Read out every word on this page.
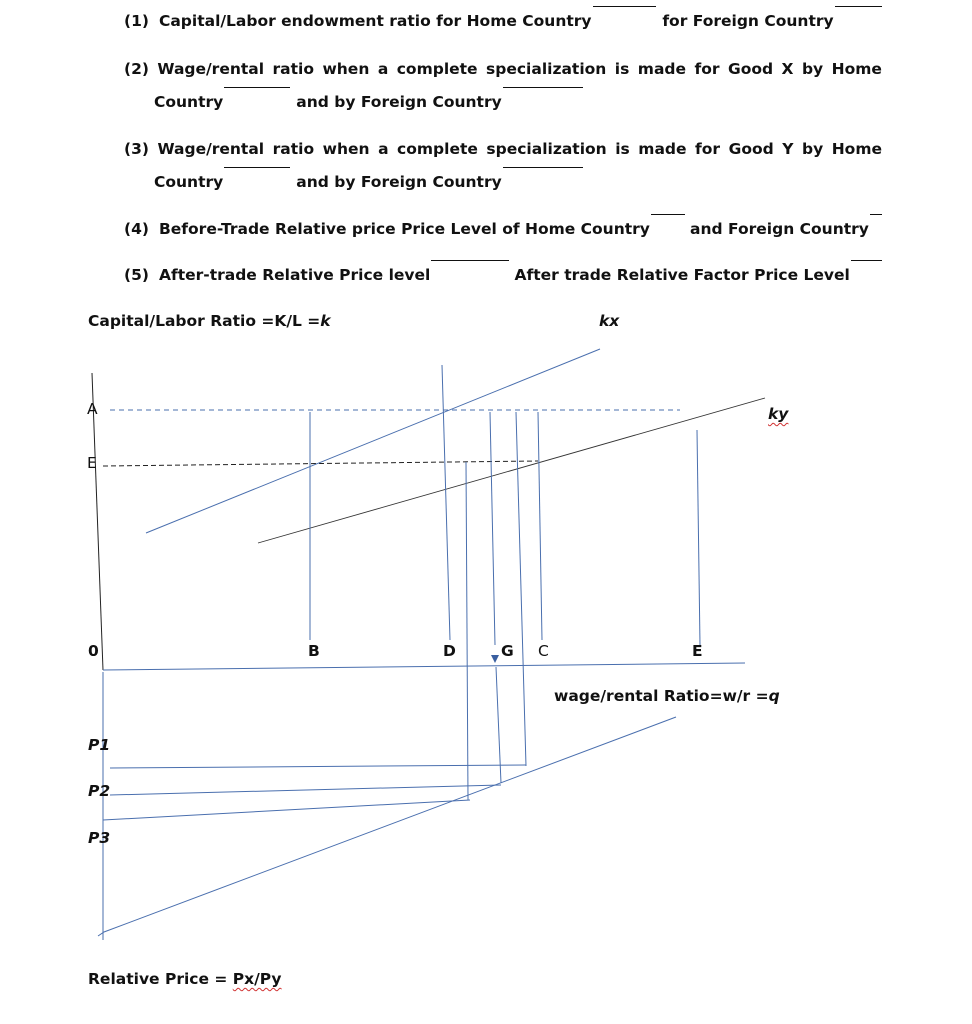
(1) Capital/Labor endowment ratio for Home Country	for Foreign Country
(2) Wage/rental ratio when a complete specialization is made for Good X by Home
Country	and by Foreign Country
(3) Wage/rental ratio when a complete specialization is made for Good Y by Home
Country	and by Foreign Country
(4) Before-Trade Relative price Price Level of Home Country	and Foreign Country
(5) After-trade Relative Price level	After trade Relative Factor Price Level
Capital/Labor Ratio =K/L =k	kx
ky
A
E
0	B	D	G C	E
wage/rental Ratio=w/r =q
P1
P2
P3
Relative Price = Px/Py
